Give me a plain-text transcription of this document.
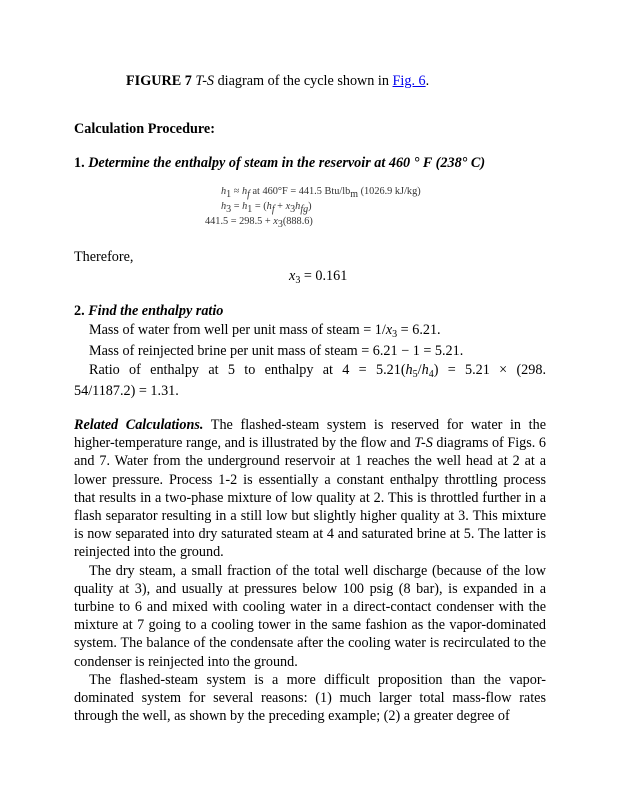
FIGURE 7 T-S diagram of the cycle shown in Fig. 6.
Calculation Procedure:
1. Determine the enthalpy of steam in the reservoir at 460 ° F (238° C)
$h_1 \approx h_f$ at 460°F = 441.5 Btu/$lb_m$ (1026.9 kJ/kg)
$h_3 = h_1 = (h_f + x_3h_{fg})$
$441.5 = 298.5 + x_3(888.6)$
Therefore,
$x_3 = 0.161$
2. Find the enthalpy ratio
Mass of water from well per unit mass of steam = $1/x_3 = 6.21$.
Mass of reinjected brine per unit mass of steam = 6.21 − 1 = 5.21.
Ratio of enthalpy at 5 to enthalpy at $4 = 5.21(h_5/h_4) = 5.21 \times (298$.
54/1187.2) = 1.31.

Related Calculations. The flashed-steam system is reserved for water in the higher-temperature range, and is illustrated by the flow and T-S diagrams of Figs. 6 and 7. Water from the underground reservoir at 1 reaches the well head at 2 at a lower pressure. Process 1-2 is essentially a constant enthalpy throttling process that results in a two-phase mixture of low quality at 2. This is throttled further in a flash separator resulting in a still low but slightly higher quality at 3. This mixture is now separated into dry saturated steam at 4 and saturated brine at 5. The latter is reinjected into the ground.

The dry steam, a small fraction of the total well discharge (because of the low quality at 3), and usually at pressures below 100 psig (8 bar), is expanded in a turbine to 6 and mixed with cooling water in a direct-contact condenser with the mixture at 7 going to a cooling tower in the same fashion as the vapor-dominated system. The balance of the condensate after the cooling water is recirculated to the condenser is reinjected into the ground.

The flashed-steam system is a more difficult proposition than the vapor-dominated system for several reasons: (1) much larger total mass-flow rates through the well, as shown by the preceding example; (2) a greater degree of
